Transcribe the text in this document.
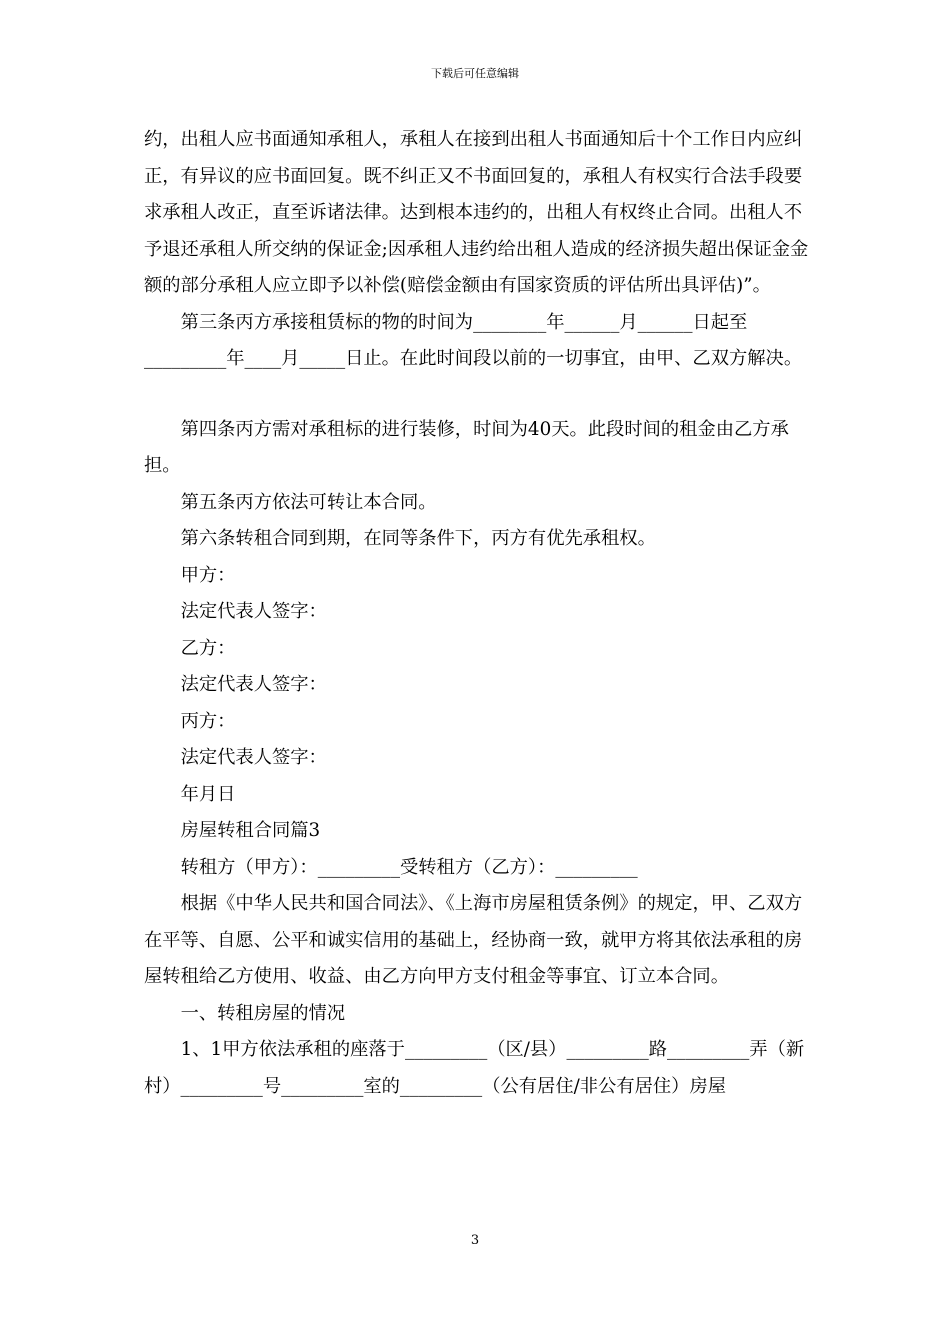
下载后可任意编辑

约，出租人应书面通知承租人，承租人在接到出租人书面通知后十个工作日内应纠正，有异议的应书面回复。既不纠正又不书面回复的，承租人有权实行合法手段要求承租人改正，直至诉诸法律。达到根本违约的，出租人有权终止合同。出租人不予退还承租人所交纳的保证金;因承租人违约给出租人造成的经济损失超出保证金金额的部分承租人应立即予以补偿(赔偿金额由有国家资质的评估所出具评估)”。

第三条丙方承接租赁标的物的时间为________年______月______日起至_________年____月_____日止。在此时间段以前的一切事宜，由甲、乙双方解决。

第四条丙方需对承租标的进行装修，时间为40天。此段时间的租金由乙方承担。

第五条丙方依法可转让本合同。

第六条转租合同到期，在同等条件下，丙方有优先承租权。

甲方：

法定代表人签字：

乙方：

法定代表人签字：

丙方：

法定代表人签字：

年月日

房屋转租合同篇3

转租方（甲方）：_________受转租方（乙方）：_________

根据《中华人民共和国合同法》、《上海市房屋租赁条例》的规定，甲、乙双方在平等、自愿、公平和诚实信用的基础上，经协商一致，就甲方将其依法承租的房屋转租给乙方使用、收益、由乙方向甲方支付租金等事宜、订立本合同。

一、转租房屋的情况

1、1甲方依法承租的座落于_________（区/县）_________路_________弄（新村）_________号_________室的_________（公有居住/非公有居住）房屋

3
